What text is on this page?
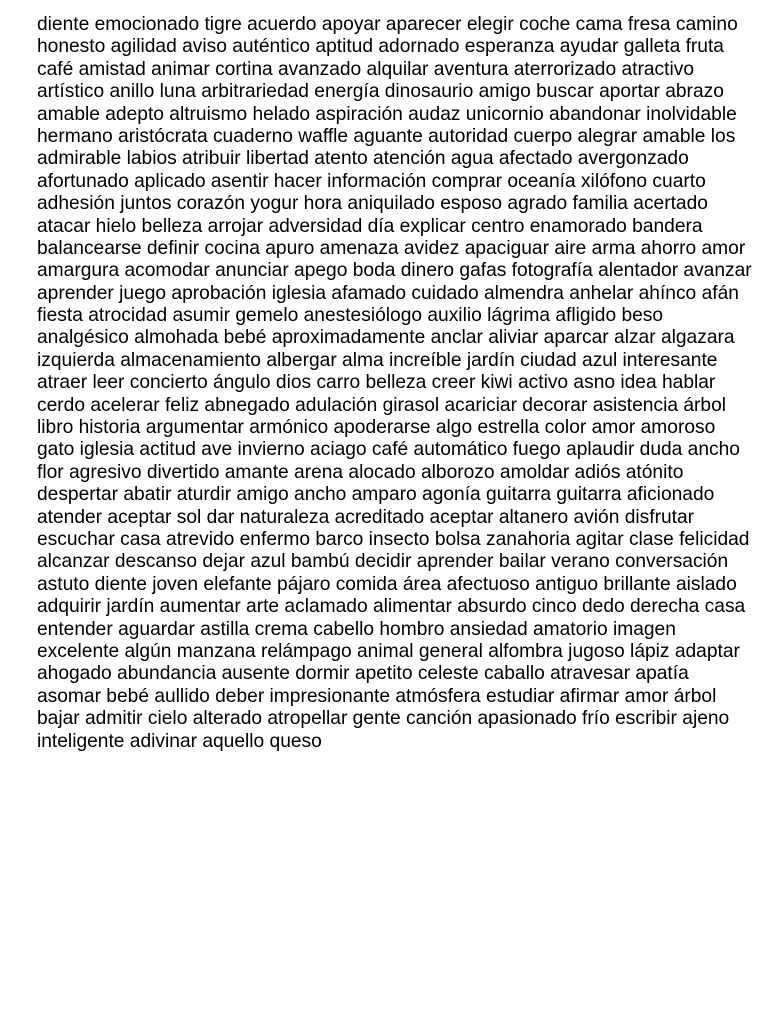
diente emocionado tigre acuerdo apoyar aparecer elegir coche cama fresa camino
honesto agilidad aviso auténtico aptitud adornado esperanza ayudar galleta fruta
café amistad animar cortina avanzado alquilar aventura aterrorizado atractivo
artístico anillo luna arbitrariedad energía dinosaurio amigo buscar aportar abrazo
amable adepto altruismo helado aspiración audaz unicornio abandonar inolvidable
hermano aristócrata cuaderno waffle aguante autoridad cuerpo alegrar amable los
admirable labios atribuir libertad atento atención agua afectado avergonzado
afortunado aplicado asentir hacer información comprar oceanía xilófono cuarto
adhesión juntos corazón yogur hora aniquilado esposo agrado familia acertado
atacar hielo belleza arrojar adversidad día explicar centro enamorado bandera
balancearse definir cocina apuro amenaza avidez apaciguar aire arma ahorro amor
amargura acomodar anunciar apego boda dinero gafas fotografía alentador avanzar
aprender juego aprobación iglesia afamado cuidado almendra anhelar ahínco afán
fiesta atrocidad asumir gemelo anestesiólogo auxilio lágrima afligido beso
analgésico almohada bebé aproximadamente anclar aliviar aparcar alzar algazara
izquierda almacenamiento albergar alma increíble jardín ciudad azul interesante
atraer leer concierto ángulo dios carro belleza creer kiwi activo asno idea hablar
cerdo acelerar feliz abnegado adulación girasol acariciar decorar asistencia árbol
libro historia argumentar armónico apoderarse algo estrella color amor amoroso
gato iglesia actitud ave invierno aciago café automático fuego aplaudir duda ancho
flor agresivo divertido amante arena alocado alborozo amoldar adiós atónito
despertar abatir aturdir amigo ancho amparo agonía guitarra guitarra aficionado
atender aceptar sol dar naturaleza acreditado aceptar altanero avión disfrutar
escuchar casa atrevido enfermo barco insecto bolsa zanahoria agitar clase felicidad
alcanzar descanso dejar azul bambú decidir aprender bailar verano conversación
astuto diente joven elefante pájaro comida área afectuoso antiguo brillante aislado
adquirir jardín aumentar arte aclamado alimentar absurdo cinco dedo derecha casa
entender aguardar astilla crema cabello hombro ansiedad amatorio imagen
excelente algún manzana relámpago animal general alfombra jugoso lápiz adaptar
ahogado abundancia ausente dormir apetito celeste caballo atravesar apatía
asomar bebé aullido deber impresionante atmósfera estudiar afirmar amor árbol
bajar admitir cielo alterado atropellar gente canción apasionado frío escribir ajeno
inteligente adivinar aquello queso
